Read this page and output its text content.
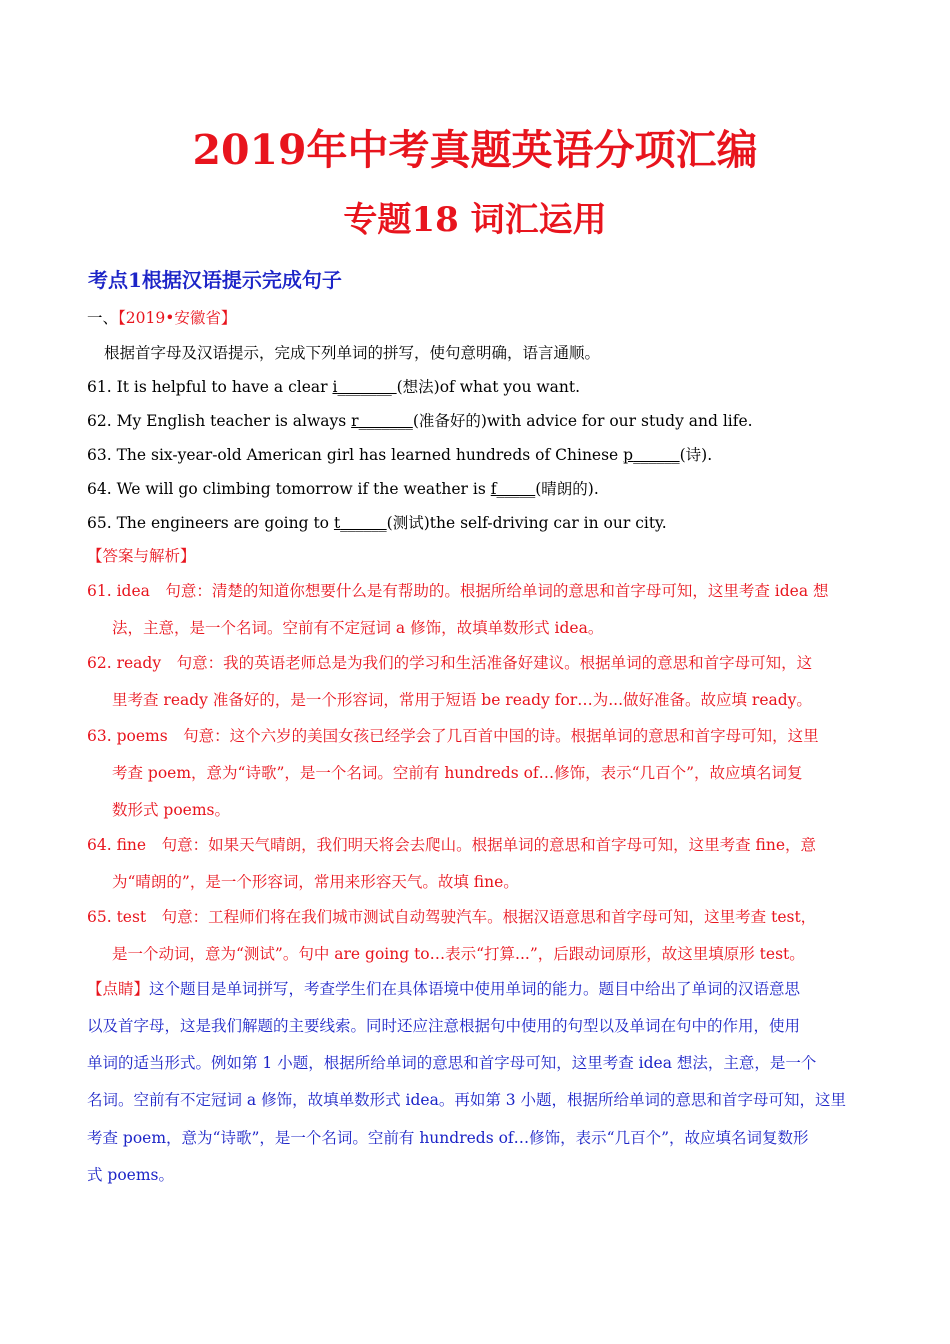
2019年中考真题英语分项汇编
专题18 词汇运用
考点1根据汉语提示完成句子
一、【2019•安徽省】
根据首字母及汉语提示，完成下列单词的拼写，使句意明确，语言通顺。
61. It is helpful to have a clear i_______ (想法)of what you want.
62. My English teacher is always r_______(准备好的)with advice for our study and life.
63. The six-year-old American girl has learned hundreds of Chinese p______(诗).
64. We will go climbing tomorrow if the weather is f_____(晴朗的).
65. The engineers are going to t______(测试)the self-driving car in our city.
【答案与解析】
61. idea　句意：清楚的知道你想要什么是有帮助的。根据所给单词的意思和首字母可知，这里考查 idea 想
法，主意，是一个名词。空前有不定冠词 a 修饰，故填单数形式 idea。
62. ready　句意：我的英语老师总是为我们的学习和生活准备好建议。根据单词的意思和首字母可知，这
里考查 ready 准备好的，是一个形容词，常用于短语 be ready for…为...做好准备。故应填 ready。
63. poems　句意：这个六岁的美国女孩已经学会了几百首中国的诗。根据单词的意思和首字母可知，这里
考查 poem，意为“诗歌”，是一个名词。空前有 hundreds of…修饰，表示“几百个”，故应填名词复
数形式 poems。
64. fine　句意：如果天气晴朗，我们明天将会去爬山。根据单词的意思和首字母可知，这里考查 fine，意
为“晴朗的”，是一个形容词，常用来形容天气。故填 fine。
65. test　句意：工程师们将在我们城市测试自动驾驶汽车。根据汉语意思和首字母可知，这里考查 test，
是一个动词，意为“测试”。句中 are going to…表示“打算...”，后跟动词原形，故这里填原形 test。
【点睛】这个题目是单词拼写，考查学生们在具体语境中使用单词的能力。题目中给出了单词的汉语意思
以及首字母，这是我们解题的主要线索。同时还应注意根据句中使用的句型以及单词在句中的作用，使用
单词的适当形式。例如第 1 小题，根据所给单词的意思和首字母可知，这里考查 idea 想法，主意，是一个
名词。空前有不定冠词 a 修饰，故填单数形式 idea。再如第 3 小题，根据所给单词的意思和首字母可知，这里
考查 poem，意为“诗歌”，是一个名词。空前有 hundreds of…修饰，表示“几百个”，故应填名词复数形
式 poems。
